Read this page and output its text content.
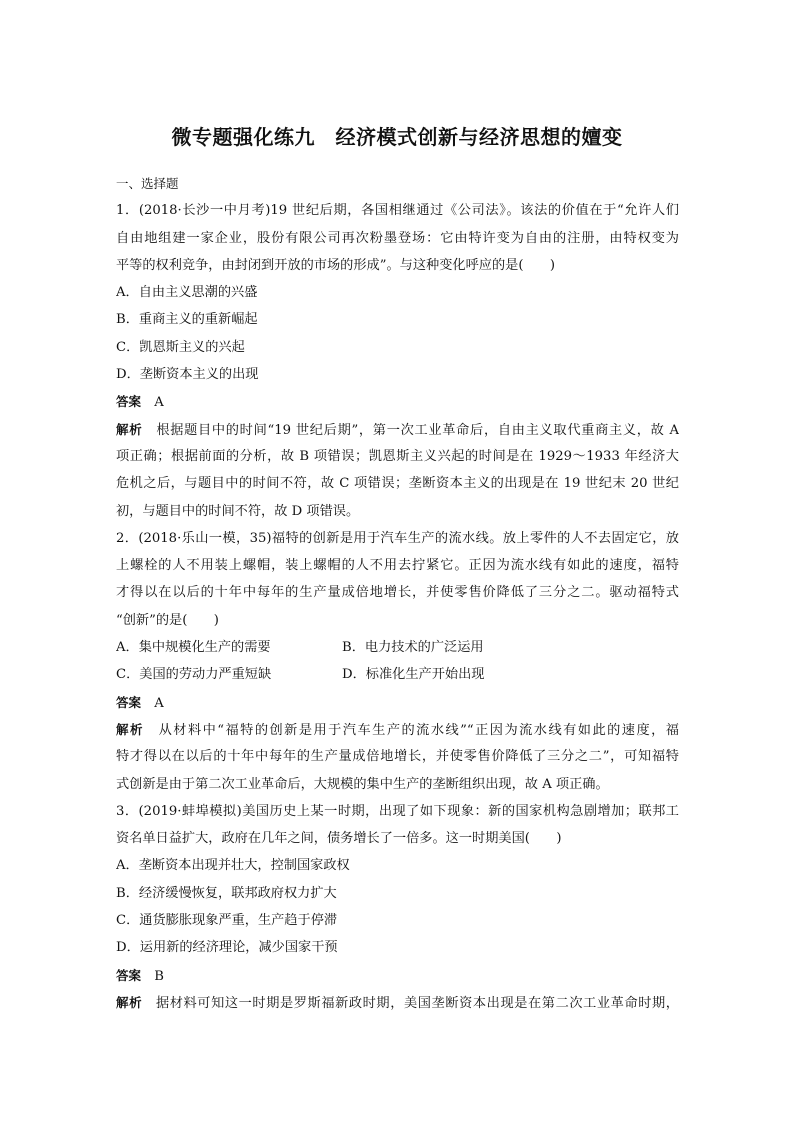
微专题强化练九　经济模式创新与经济思想的嬗变
一、选择题
1．(2018·长沙一中月考)19 世纪后期，各国相继通过《公司法》。该法的价值在于“允许人们
自由地组建一家企业，股份有限公司再次粉墨登场：它由特许变为自由的注册，由特权变为
平等的权利竞争，由封闭到开放的市场的形成”。与这种变化呼应的是(　　)
A．自由主义思潮的兴盛
B．重商主义的重新崛起
C．凯恩斯主义的兴起
D．垄断资本主义的出现
答案  A
解析  根据题目中的时间“19 世纪后期”，第一次工业革命后，自由主义取代重商主义，故 A
项正确；根据前面的分析，故 B 项错误；凯恩斯主义兴起的时间是在 1929～1933 年经济大
危机之后，与题目中的时间不符，故 C 项错误；垄断资本主义的出现是在 19 世纪末 20 世纪
初，与题目中的时间不符，故 D 项错误。
2．(2018·乐山一模，35)福特的创新是用于汽车生产的流水线。放上零件的人不去固定它，放
上螺栓的人不用装上螺帽，装上螺帽的人不用去拧紧它。正因为流水线有如此的速度，福特
才得以在以后的十年中每年的生产量成倍地增长，并使零售价降低了三分之二。驱动福特式
“创新”的是(　　)
A．集中规模化生产的需要	B．电力技术的广泛运用
C．美国的劳动力严重短缺	D．标准化生产开始出现
答案  A
解析  从材料中“福特的创新是用于汽车生产的流水线”“正因为流水线有如此的速度，福
特才得以在以后的十年中每年的生产量成倍地增长，并使零售价降低了三分之二”，可知福特
式创新是由于第二次工业革命后，大规模的集中生产的垄断组织出现，故 A 项正确。
3．(2019·蚌埠模拟)美国历史上某一时期，出现了如下现象：新的国家机构急剧增加；联邦工
资名单日益扩大，政府在几年之间，债务增长了一倍多。这一时期美国(　　)
A．垄断资本出现并壮大，控制国家政权
B．经济缓慢恢复，联邦政府权力扩大
C．通货膨胀现象严重，生产趋于停滞
D．运用新的经济理论，减少国家干预
答案  B
解析  据材料可知这一时期是罗斯福新政时期，美国垄断资本出现是在第二次工业革命时期，
